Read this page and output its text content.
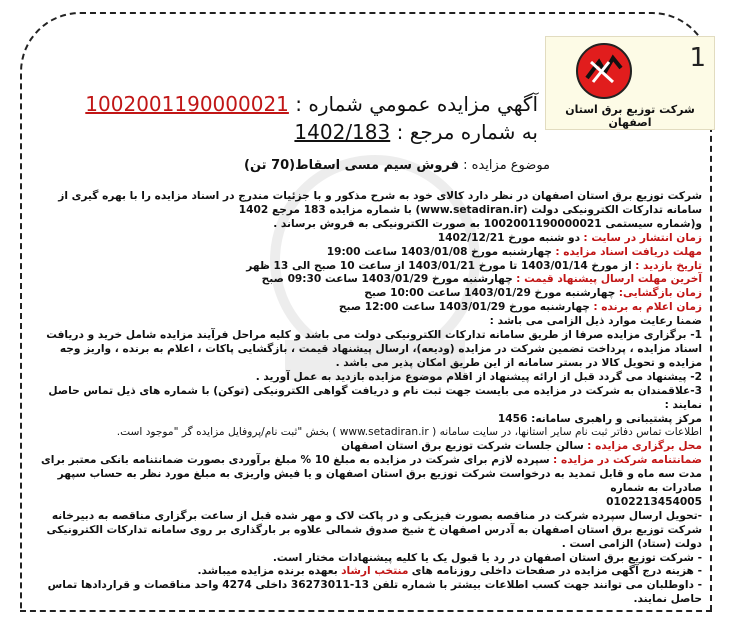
1
شرکت توزیع برق استان اصفهان
آگهي مزايده عمومي شماره : 1002001190000021
به شماره مرجع : 1402/183
موضوع مزایده : فروش سیم مسی اسقاط(70 تن)

شرکت توزیع برق استان اصفهان در نظر دارد کالای خود به شرح مذکور و با جزئیات مندرج در اسناد مزایده را با بهره گیری از سامانه تدارکات الکترونیکی دولت (www.setadiran.ir) با شماره مزایده 183 مرجع 1402

و(شماره سیستمی 1002001190000021 به صورت الکترونیکی به فروش برساند .

زمان انتشار در سایت : دو شنبه مورخ 1402/12/21

مهلت دریافت اسناد مزایده : چهارشنبه مورخ 1403/01/08 ساعت 19:00

تاریخ بازدید : از مورخ 1403/01/14 تا مورخ 1403/01/21 از ساعت 10 صبح الی 13 ظهر

آخرین مهلت ارسال پیشنهاد قیمت : چهارشنبه مورخ 1403/01/29 ساعت 09:30 صبح

زمان بازگشایی: چهارشنبه مورخ 1403/01/29 ساعت 10:00 صبح

زمان اعلام به برنده : چهارشنبه مورخ 1403/01/29 ساعت 12:00 صبح

ضمنا رعایت موارد ذیل الزامی می باشد :

1- برگزاری مزایده صرفا از طریق سامانه تدارکات الکترونیکی دولت می باشد و کلیه مراحل فرآیند مزایده شامل خرید و دریافت اسناد مزایده ، پرداخت تضمین شرکت در مزایده (ودیعه)، ارسال پیشنهاد قیمت ، بازگشایی پاکات ، اعلام به برنده ، واریز وجه مزایده و تحویل کالا در بستر سامانه از این طریق امکان پذیر می باشد .

2- پیشنهاد می گردد قبل از ارائه پیشنهاد از اقلام موضوع مزایده بازدید به عمل آورید .

3-علاقمندان به شرکت در مزایده می بایست جهت ثبت نام و دریافت گواهی الکترونیکی (توکن) با شماره های ذیل تماس حاصل نمایند :

مرکز پشتیبانی و راهبری سامانه: 1456

اطلاعات تماس دفاتر ثبت نام سایر استانها، در سایت سامانه ( www.setadiran.ir ) بخش "ثبت نام/پروفایل مزایده گر "موجود است.

محل برگزاری مزایده : سالن جلسات شرکت توزیع برق استان اصفهان

ضمانتنامه شرکت در مزایده : سپرده لازم برای شرکت در مزایده به مبلغ 10 % مبلغ برآوردی بصورت ضمانتنامه بانکی معتبر برای مدت سه ماه و قابل تمدید به درخواست شرکت توزیع برق استان اصفهان و یا فیش واریزی به مبلغ مورد نظر به حساب سپهر صادرات به شماره

0102213454005

-تحویل ارسال سپرده شرکت در مناقصه بصورت فیزیکی و در پاکت لاک و مهر شده قبل از ساعت برگزاری مناقصه به دبیرخانه شرکت توزیع برق استان اصفهان به آدرس اصفهان خ شیخ صدوق شمالی علاوه بر بارگذاری بر روی سامانه تدارکات الکترونیکی دولت (ستاد) الزامی است .

- شرکت توزیع برق استان اصفهان در رد یا قبول یک یا کلیه پیشنهادات مختار است.

- هزینه درج آگهی مزایده در صفحات داخلی روزنامه های منتخب ارشاد بعهده برنده مزایده میباشد.

- داوطلبان می توانند جهت کسب اطلاعات بیشتر با شماره تلفن 13-36273011 داخلی 4274 واحد مناقصات و قراردادها تماس حاصل نمایند.
